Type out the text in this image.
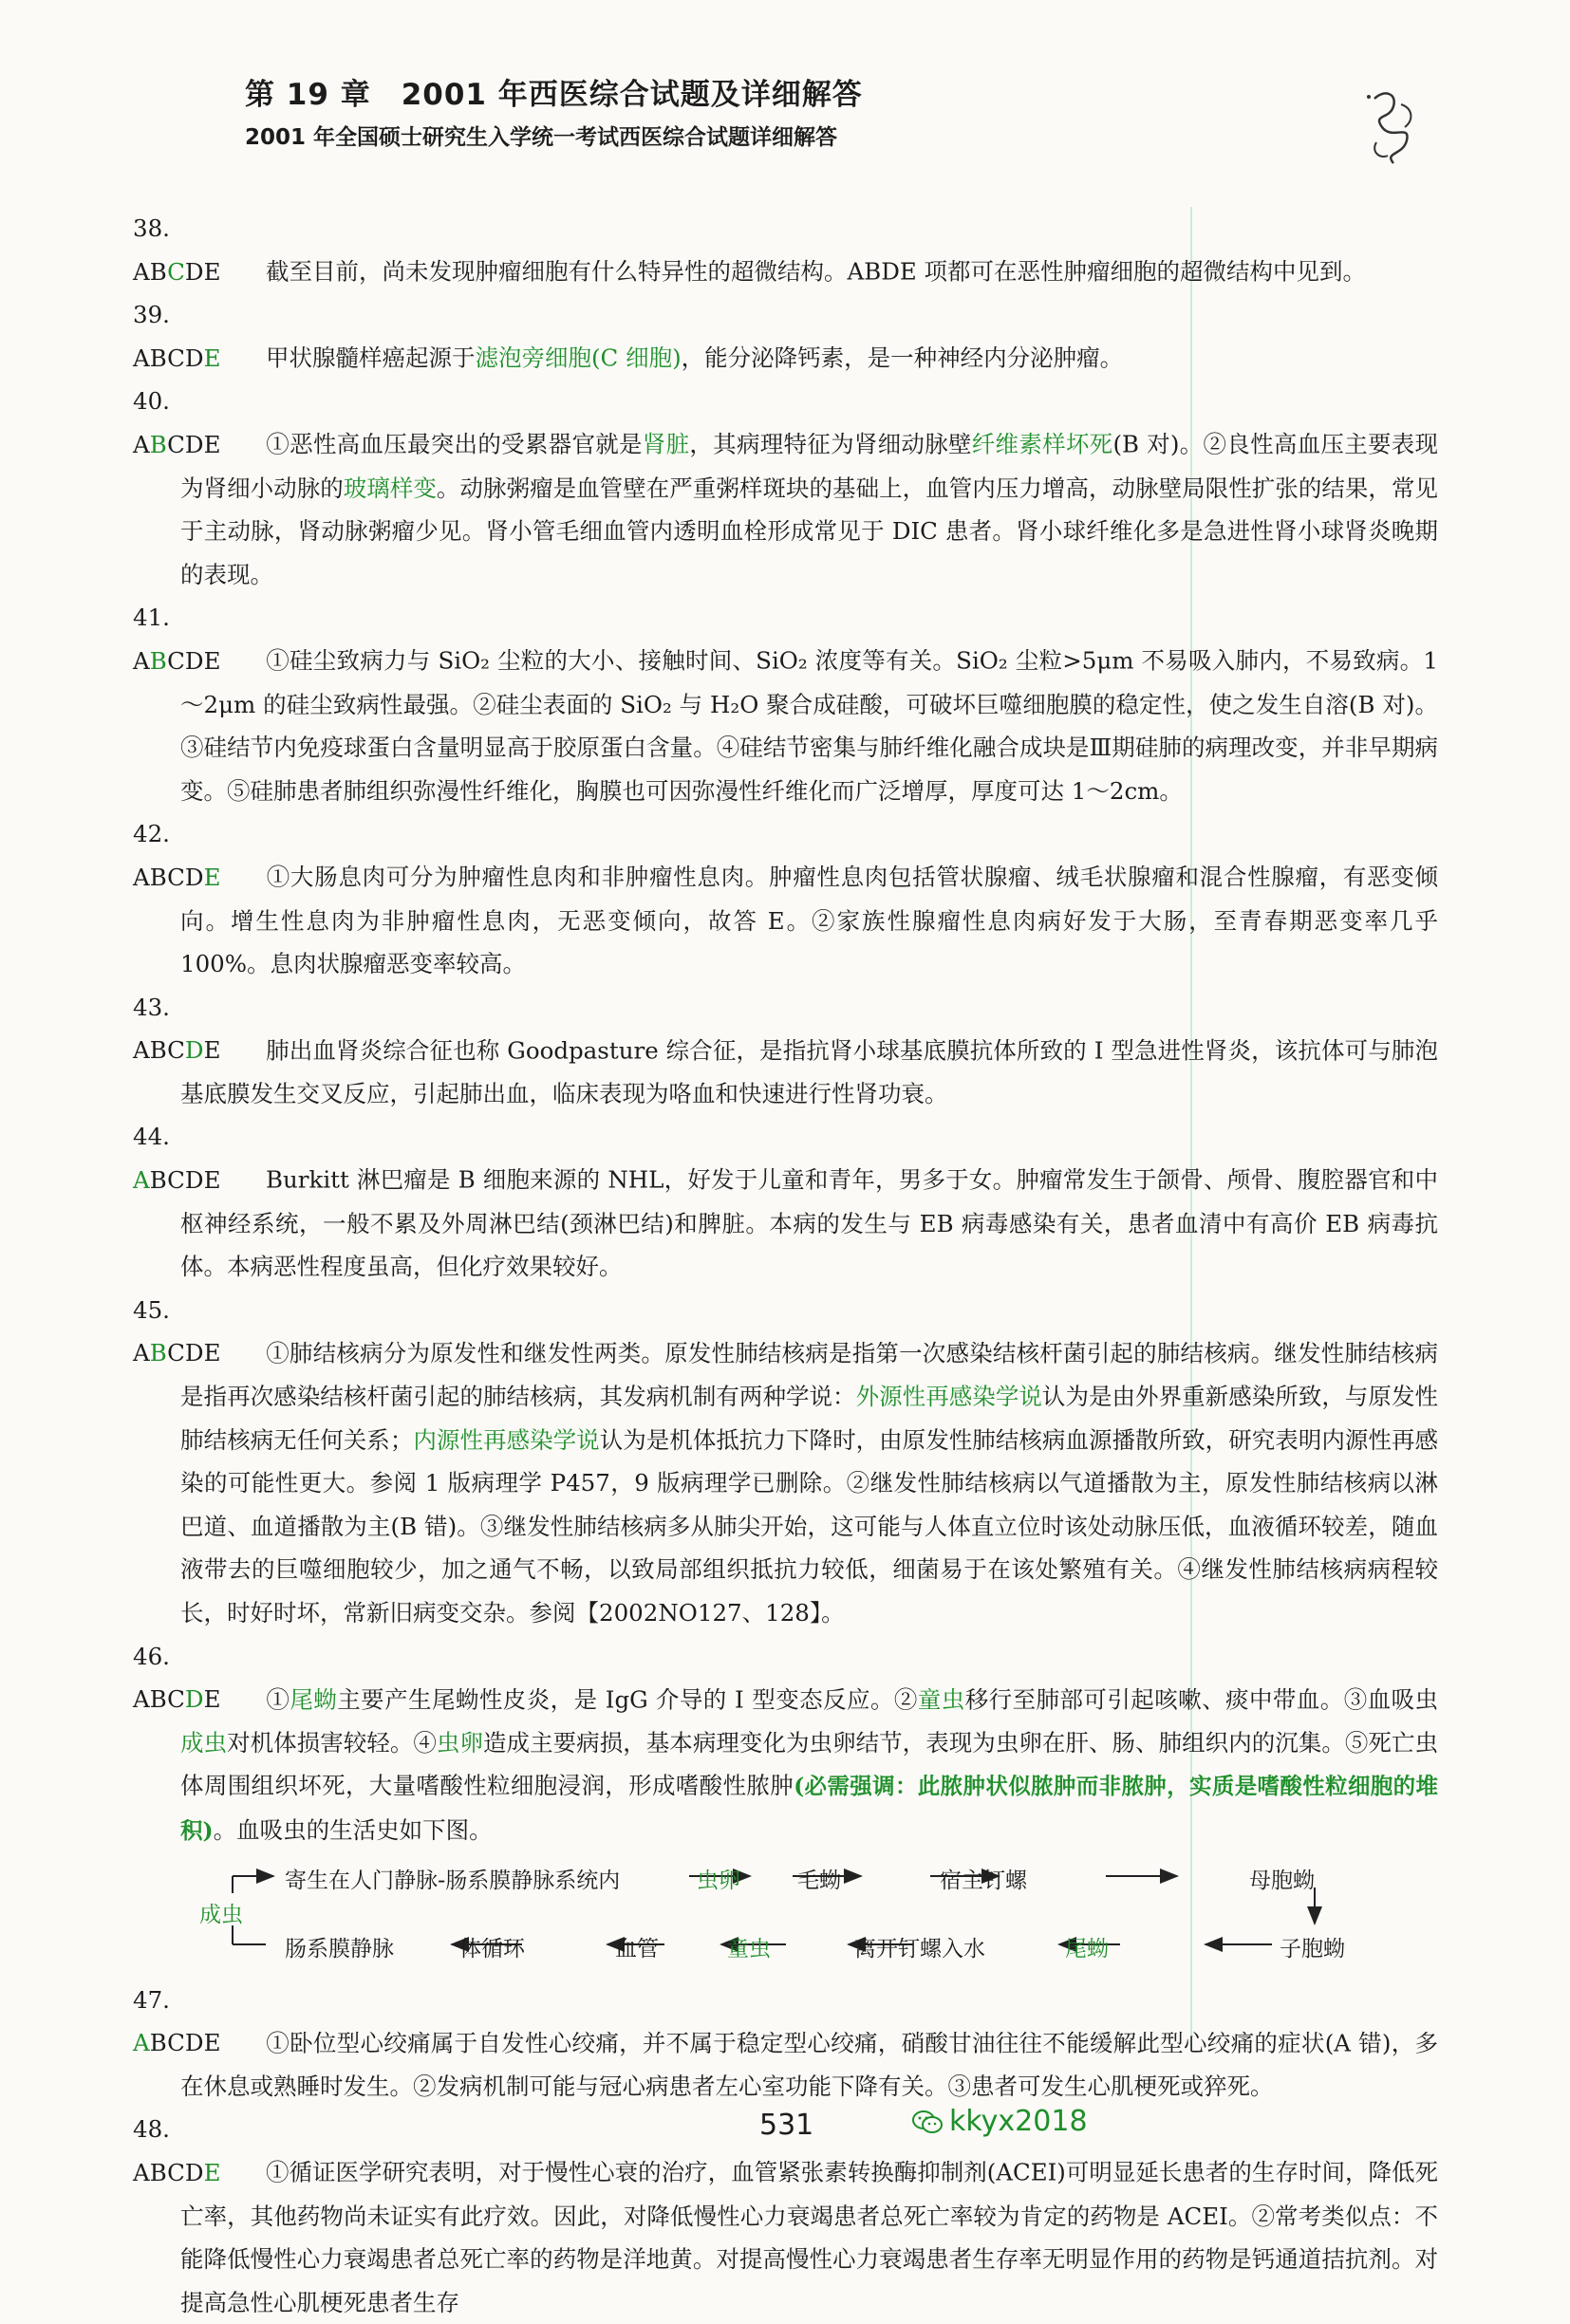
第 19 章　2001 年西医综合试题及详细解答
2001 年全国硕士研究生入学统一考试西医综合试题详细解答
38.ABCDE 截至目前，尚未发现肿瘤细胞有什么特异性的超微结构。ABDE 项都可在恶性肿瘤细胞的超微结构中见到。
39.ABCDE 甲状腺髓样癌起源于滤泡旁细胞(C 细胞)，能分泌降钙素，是一种神经内分泌肿瘤。
40.ABCDE ①恶性高血压最突出的受累器官就是肾脏，其病理特征为肾细动脉壁纤维素样坏死(B 对)。②良性高血压主要表现为肾细小动脉的玻璃样变。动脉粥瘤是血管壁在严重粥样斑块的基础上，血管内压力增高，动脉壁局限性扩张的结果，常见于主动脉，肾动脉粥瘤少见。肾小管毛细血管内透明血栓形成常见于 DIC 患者。肾小球纤维化多是急进性肾小球肾炎晚期的表现。
41.ABCDE ①硅尘致病力与 SiO₂ 尘粒的大小、接触时间、SiO₂ 浓度等有关。SiO₂ 尘粒>5μm 不易吸入肺内，不易致病。1～2μm 的硅尘致病性最强。②硅尘表面的 SiO₂ 与 H₂O 聚合成硅酸，可破坏巨噬细胞膜的稳定性，使之发生自溶(B 对)。③硅结节内免疫球蛋白含量明显高于胶原蛋白含量。④硅结节密集与肺纤维化融合成块是Ⅲ期硅肺的病理改变，并非早期病变。⑤硅肺患者肺组织弥漫性纤维化，胸膜也可因弥漫性纤维化而广泛增厚，厚度可达 1～2cm。
42.ABCDE ①大肠息肉可分为肿瘤性息肉和非肿瘤性息肉。肿瘤性息肉包括管状腺瘤、绒毛状腺瘤和混合性腺瘤，有恶变倾向。增生性息肉为非肿瘤性息肉，无恶变倾向，故答 E。②家族性腺瘤性息肉病好发于大肠，至青春期恶变率几乎 100%。息肉状腺瘤恶变率较高。
43.ABCDE 肺出血肾炎综合征也称 Goodpasture 综合征，是指抗肾小球基底膜抗体所致的 Ⅰ 型急进性肾炎，该抗体可与肺泡基底膜发生交叉反应，引起肺出血，临床表现为咯血和快速进行性肾功衰。
44.ABCDE Burkitt 淋巴瘤是 B 细胞来源的 NHL，好发于儿童和青年，男多于女。肿瘤常发生于颌骨、颅骨、腹腔器官和中枢神经系统，一般不累及外周淋巴结(颈淋巴结)和脾脏。本病的发生与 EB 病毒感染有关，患者血清中有高价 EB 病毒抗体。本病恶性程度虽高，但化疗效果较好。
45.ABCDE ①肺结核病分为原发性和继发性两类。原发性肺结核病是指第一次感染结核杆菌引起的肺结核病。继发性肺结核病是指再次感染结核杆菌引起的肺结核病，其发病机制有两种学说：外源性再感染学说认为是由外界重新感染所致，与原发性肺结核病无任何关系；内源性再感染学说认为是机体抵抗力下降时，由原发性肺结核病血源播散所致，研究表明内源性再感染的可能性更大。参阅 1 版病理学 P457，9 版病理学已删除。②继发性肺结核病以气道播散为主，原发性肺结核病以淋巴道、血道播散为主(B 错)。③继发性肺结核病多从肺尖开始，这可能与人体直立位时该处动脉压低，血液循环较差，随血液带去的巨噬细胞较少，加之通气不畅，以致局部组织抵抗力较低，细菌易于在该处繁殖有关。④继发性肺结核病病程较长，时好时坏，常新旧病变交杂。参阅【2002NO127、128】。
46.ABCDE ①尾蚴主要产生尾蚴性皮炎，是 IgG 介导的 Ⅰ 型变态反应。②童虫移行至肺部可引起咳嗽、痰中带血。③血吸虫成虫对机体损害较轻。④虫卵造成主要病损，基本病理变化为虫卵结节，表现为虫卵在肝、肠、肺组织内的沉集。⑤死亡虫体周围组织坏死，大量嗜酸性粒细胞浸润，形成嗜酸性脓肿(必需强调：此脓肿状似脓肿而非脓肿，实质是嗜酸性粒细胞的堆积)。血吸虫的生活史如下图。
寄生在人门静脉-肠系膜静脉系统内	虫卵	毛蚴	宿主钉螺	母胞蚴
成虫
肠系膜静脉	体循环	血管	童虫	离开钉螺入水	尾蚴	子胞蚴
47.ABCDE ①卧位型心绞痛属于自发性心绞痛，并不属于稳定型心绞痛，硝酸甘油往往不能缓解此型心绞痛的症状(A 错)，多在休息或熟睡时发生。②发病机制可能与冠心病患者左心室功能下降有关。③患者可发生心肌梗死或猝死。
48.ABCDE ①循证医学研究表明，对于慢性心衰的治疗，血管紧张素转换酶抑制剂(ACEI)可明显延长患者的生存时间，降低死亡率，其他药物尚未证实有此疗效。因此，对降低慢性心力衰竭患者总死亡率较为肯定的药物是 ACEI。②常考类似点：不能降低慢性心力衰竭患者总死亡率的药物是洋地黄。对提高慢性心力衰竭患者生存率无明显作用的药物是钙通道拮抗剂。对提高急性心肌梗死患者生存
531	kkyx2018
